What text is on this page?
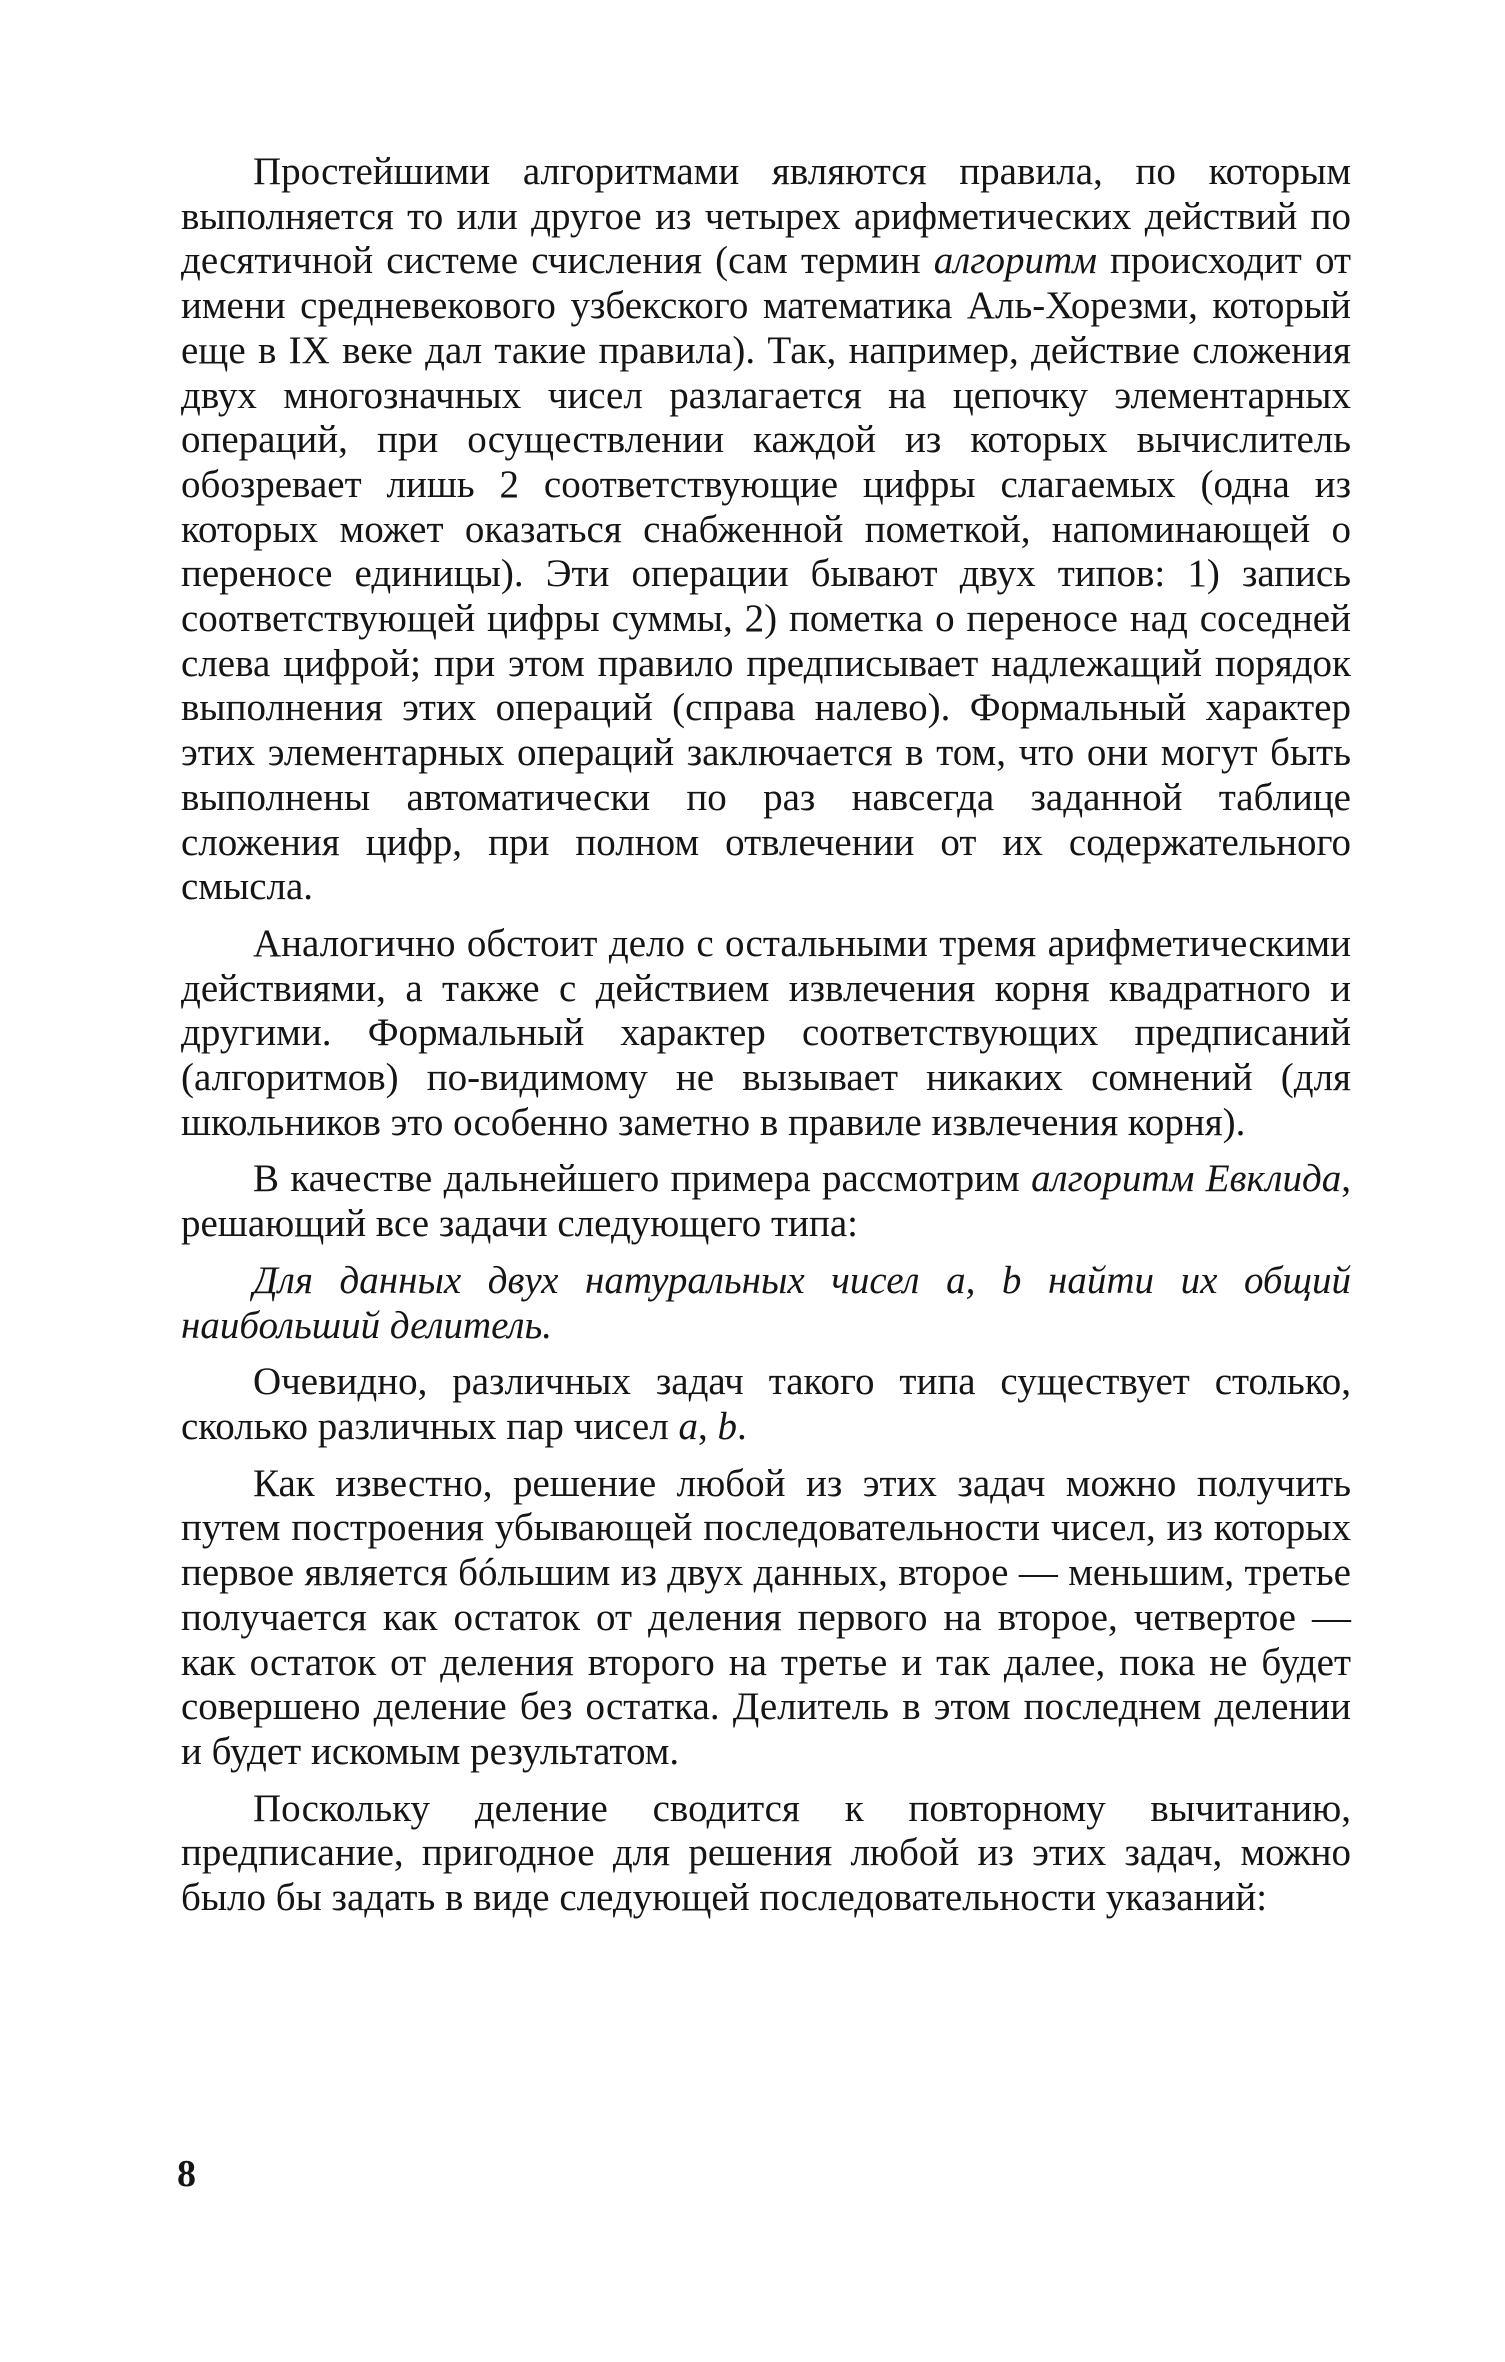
Простейшими алгоритмами являются правила, по которым выполняется то или другое из четырех арифметических действий по десятичной системе счисления (сам термин алгоритм происходит от имени средневекового узбекского математика Аль-Хорезми, который еще в IX веке дал такие правила). Так, например, действие сложения двух многозначных чисел разлагается на цепочку элементарных операций, при осуществлении каждой из которых вычислитель обозревает лишь 2 соответствующие цифры слагаемых (одна из которых может оказаться снабженной пометкой, напоминающей о переносе единицы). Эти операции бывают двух типов: 1) запись соответствующей цифры суммы, 2) пометка о переносе над соседней слева цифрой; при этом правило предписывает надлежащий порядок выполнения этих операций (справа налево). Формальный характер этих элементарных операций заключается в том, что они могут быть выполнены автоматически по раз навсегда заданной таблице сложения цифр, при полном отвлечении от их содержательного смысла.

Аналогично обстоит дело с остальными тремя арифметическими действиями, а также с действием извлечения корня квадратного и другими. Формальный характер соответствующих предписаний (алгоритмов) по-видимому не вызывает никаких сомнений (для школьников это особенно заметно в правиле извлечения корня).

В качестве дальнейшего примера рассмотрим алгоритм Евклида, решающий все задачи следующего типа:

Для данных двух натуральных чисел a, b найти их общий наибольший делитель.

Очевидно, различных задач такого типа существует столько, сколько различных пар чисел a, b.

Как известно, решение любой из этих задач можно получить путем построения убывающей последовательности чисел, из которых первое является бóльшим из двух данных, второе — меньшим, третье получается как остаток от деления первого на второе, четвертое — как остаток от деления второго на третье и так далее, пока не будет совершено деление без остатка. Делитель в этом последнем делении и будет искомым результатом.

Поскольку деление сводится к повторному вычитанию, предписание, пригодное для решения любой из этих задач, можно было бы задать в виде следующей последовательности указаний:

8
